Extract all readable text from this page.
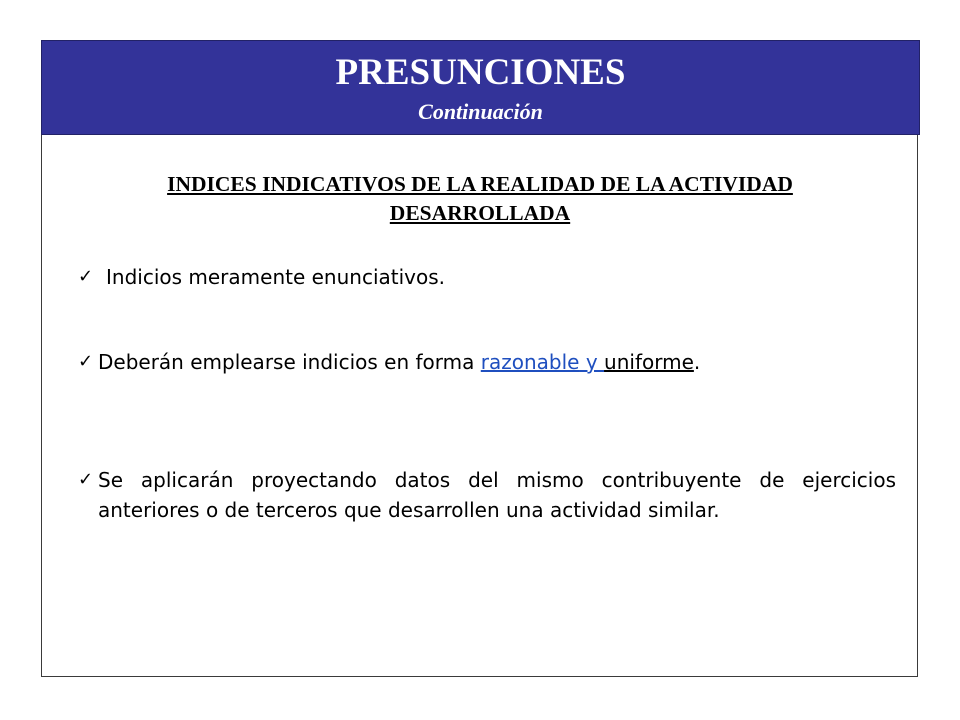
PRESUNCIONES
Continuación
INDICES INDICATIVOS DE LA REALIDAD DE LA ACTIVIDAD
DESARROLLADA
✓ Indicios meramente enunciativos.
✓ Deberán emplearse indicios en forma razonable y uniforme.
✓ Se aplicarán proyectando datos del mismo contribuyente de ejercicios anteriores o de terceros que desarrollen una actividad similar.
